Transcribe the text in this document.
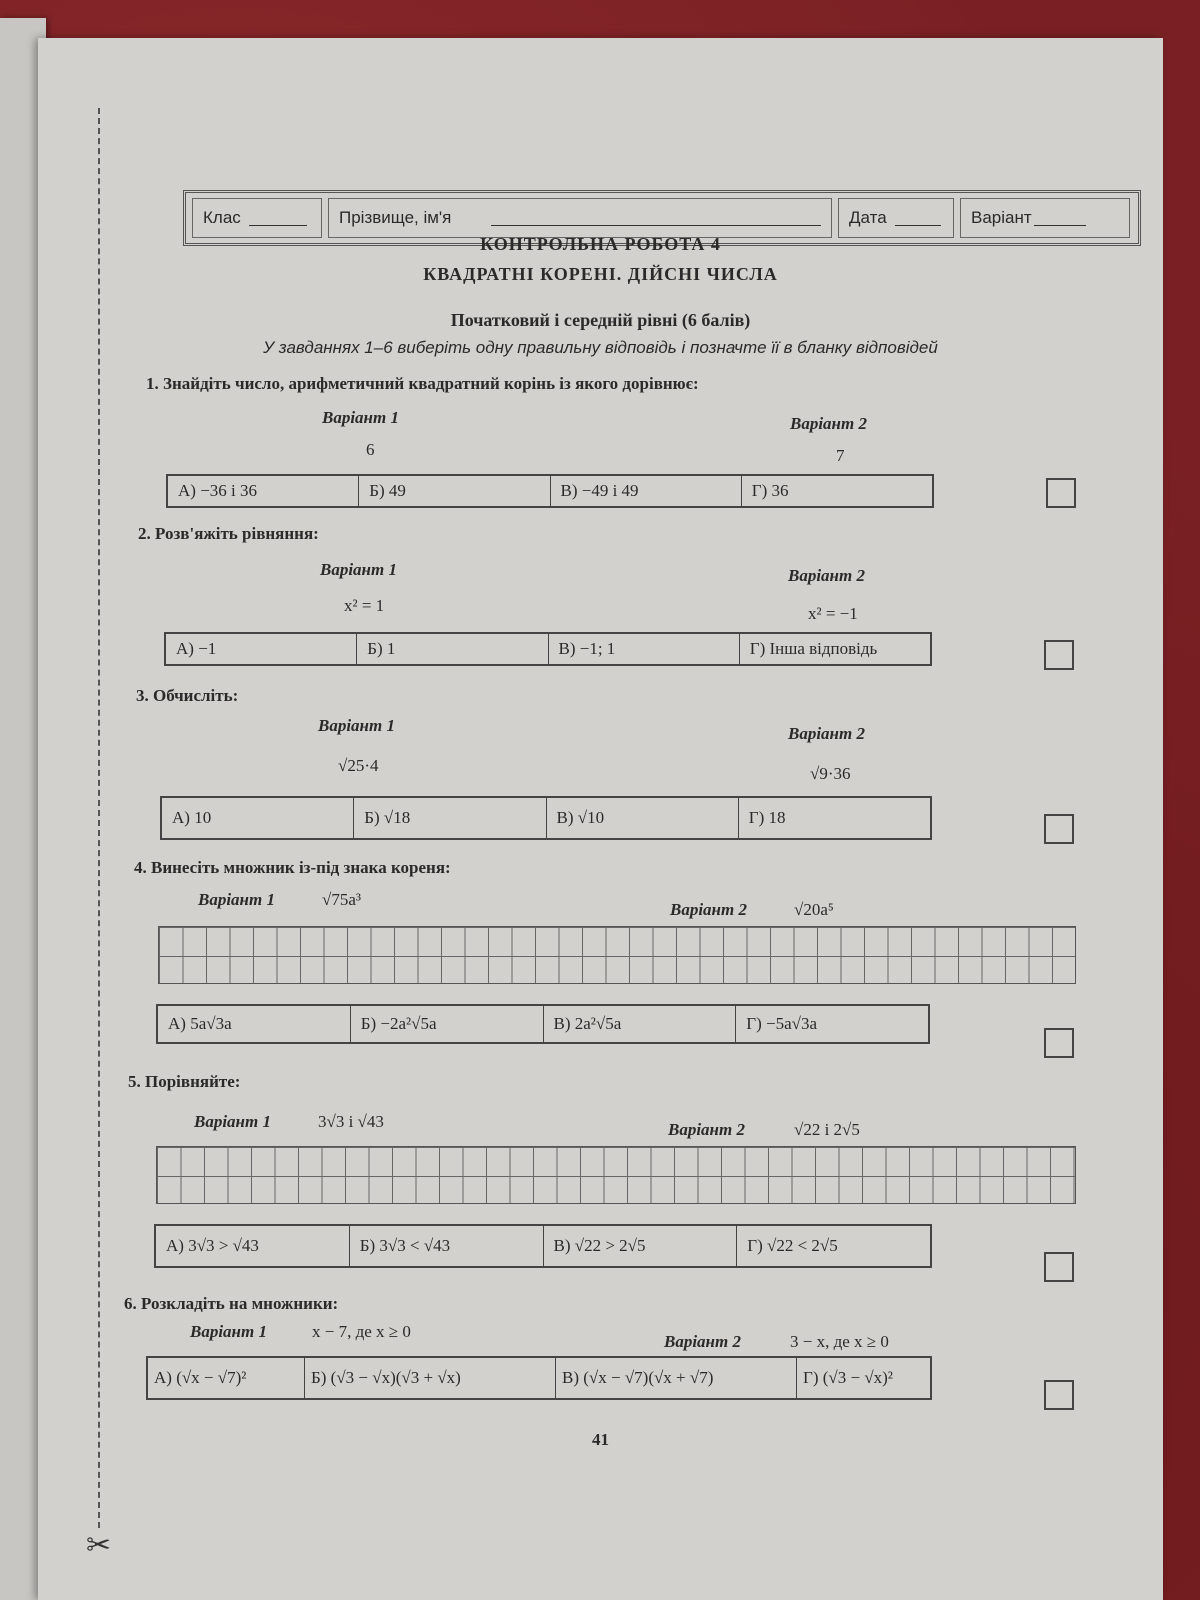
✂
Клас	Прізвище, ім'я	Дата	Варіант
КОНТРОЛЬНА РОБОТА 4
КВАДРАТНІ КОРЕНІ. ДІЙСНІ ЧИСЛА
Початковий і середній рівні (6 балів)
У завданнях 1–6 виберіть одну правильну відповідь і позначте її в бланку відповідей
1. Знайдіть число, арифметичний квадратний корінь із якого дорівнює:
Варіант 1	Варіант 2
6	7
А) −36 і 36	Б) 49	В) −49 і 49	Г) 36
2. Розв'яжіть рівняння:
Варіант 1	Варіант 2
x² = 1	x² = −1
А) −1	Б) 1	В) −1; 1	Г) Інша відповідь
3. Обчисліть:
Варіант 1	Варіант 2
√25·4	√9·36
А) 10	Б) √18	В) √10	Г) 18
4. Винесіть множник із-під знака кореня:
Варіант 1	√75a³
Варіант 2	√20a⁵
А) 5a√3a	Б) −2a²√5a	В) 2a²√5a	Г) −5a√3a
5. Порівняйте:
Варіант 1	3√3 і √43	Варіант 2	√22 і 2√5
А) 3√3 > √43	Б) 3√3 < √43	В) √22 > 2√5	Г) √22 < 2√5
6. Розкладіть на множники:
Варіант 1	x − 7, де x ≥ 0
Варіант 2	3 − x, де x ≥ 0
А) (√x − √7)²	Б) (√3 − √x)(√3 + √x)	В) (√x − √7)(√x + √7)	Г) (√3 − √x)²
41
